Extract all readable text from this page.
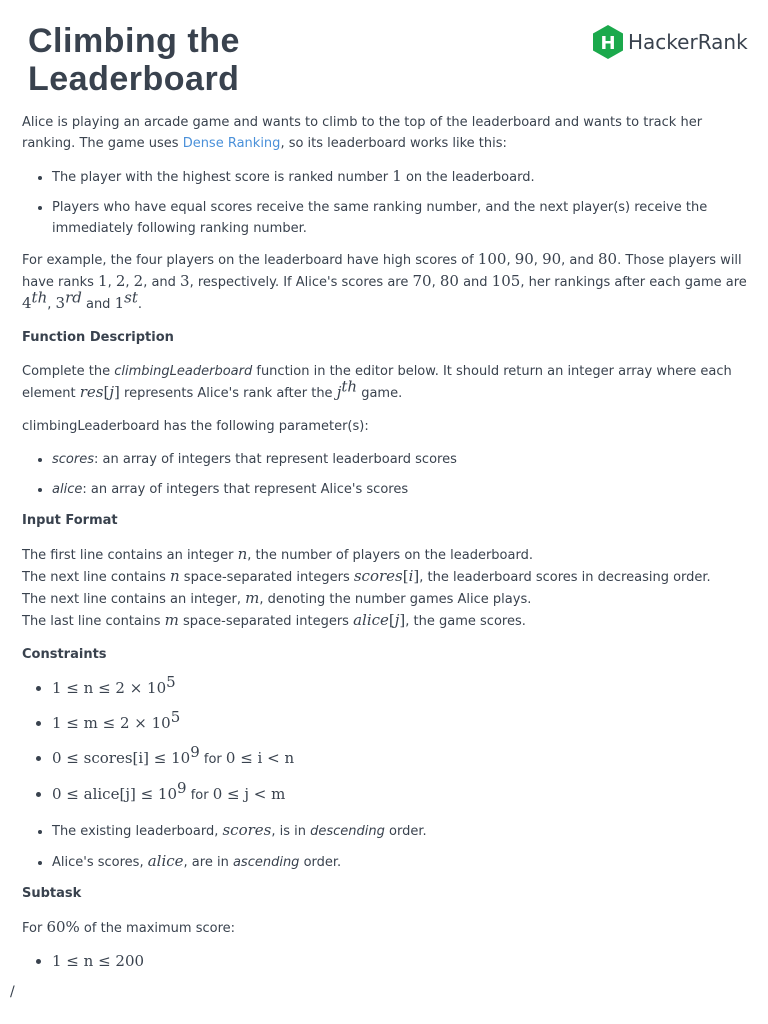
Climbing the
Leaderboard
H HackerRank

Alice is playing an arcade game and wants to climb to the top of the leaderboard and wants to track her ranking. The game uses Dense Ranking, so its leaderboard works like this:

• The player with the highest score is ranked number 1 on the leaderboard.
• Players who have equal scores receive the same ranking number, and the next player(s) receive the immediately following ranking number.

For example, the four players on the leaderboard have high scores of 100, 90, 90, and 80. Those players will have ranks 1, 2, 2, and 3, respectively. If Alice's scores are 70, 80 and 105, her rankings after each game are 4th, 3rd and 1st.

Function Description

Complete the climbingLeaderboard function in the editor below. It should return an integer array where each element res[j] represents Alice's rank after the $j^{th}$ game.

climbingLeaderboard has the following parameter(s):

• scores: an array of integers that represent leaderboard scores
• alice: an array of integers that represent Alice's scores
Input Format

The first line contains an integer n, the number of players on the leaderboard.
The next line contains n space-separated integers scores[i], the leaderboard scores in decreasing order.
The next line contains an integer, m, denoting the number games Alice plays.
The last line contains m space-separated integers alice[j], the game scores.

Constraints
• $1 \le n \le 2 \times 10^5$
• $1 \le m \le 2 \times 10^5$
• 0 ≤ scores[i] ≤ $10^9$ for 0 ≤ i < n
• 0 ≤ alice[j] ≤ $10^9$ for 0 ≤ j < m
• The existing leaderboard, scores, is in descending order.
• Alice's scores, alice, are in ascending order.
Subtask

For 60% of the maximum score:

• 1 ≤ n ≤ 200
/
